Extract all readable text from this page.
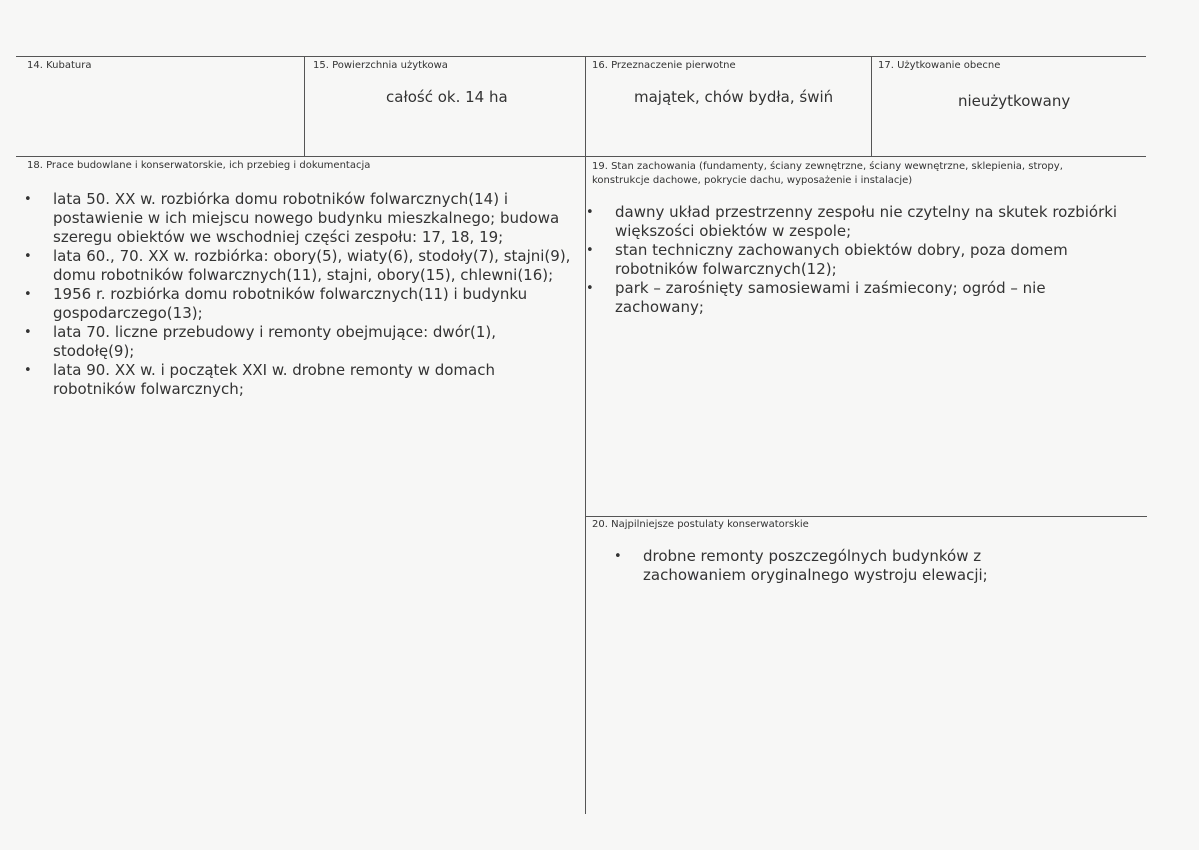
14. Kubatura	15. Powierzchnia użytkowa
całość ok. 14 ha
16. Przeznaczenie pierwotne
majątek, chów bydła, świń
17. Użytkowanie obecne
nieużytkowany
18. Prace budowlane i konserwatorskie, ich przebieg i dokumentacja
• lata 50. XX w. rozbiórka domu robotników folwarcznych(14) i postawienie w ich miejscu nowego budynku mieszkalnego; budowa szeregu obiektów we wschodniej części zespołu: 17, 18, 19;
• lata 60., 70. XX w. rozbiórka: obory(5), wiaty(6), stodoły(7), stajni(9), domu robotników folwarcznych(11), stajni, obory(15), chlewni(16);
• 1956 r. rozbiórka domu robotników folwarcznych(11) i budynku gospodarczego(13);
• lata 70. liczne przebudowy i remonty obejmujące: dwór(1), stodołę(9);
• lata 90. XX w. i początek XXI w. drobne remonty w domach robotników folwarcznych;
19. Stan zachowania (fundamenty, ściany zewnętrzne, ściany wewnętrzne, sklepienia, stropy, konstrukcje dachowe, pokrycie dachu, wyposażenie i instalacje)
• dawny układ przestrzenny zespołu nie czytelny na skutek rozbiórki większości obiektów w zespole;
• stan techniczny zachowanych obiektów dobry, poza domem robotników folwarcznych(12);
• park – zarośnięty samosiewami i zaśmiecony; ogród – nie zachowany;
20. Najpilniejsze postulaty konserwatorskie
• drobne remonty poszczególnych budynków z zachowaniem oryginalnego wystroju elewacji;
